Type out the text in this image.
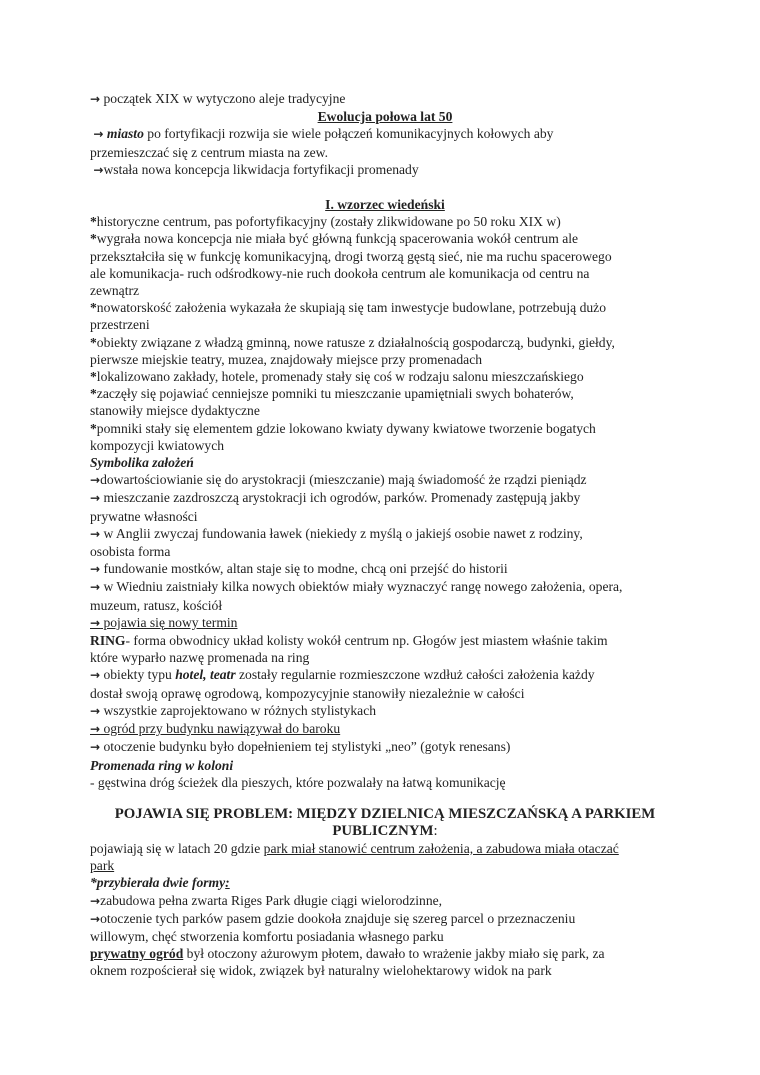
→ początek XIX w wytyczono aleje tradycyjne
Ewolucja połowa lat 50
→ miasto po fortyfikacji rozwija sie wiele połączeń komunikacyjnych kołowych aby
przemieszczać się z centrum miasta na zew.
→wstała nowa koncepcja likwidacja fortyfikacji promenady
I. wzorzec wiedeński
*historyczne centrum, pas pofortyfikacyjny (zostały zlikwidowane po 50 roku XIX w)
*wygrała nowa koncepcja nie miała być główną funkcją spacerowania wokół centrum ale
przekształciła się w funkcję komunikacyjną, drogi tworzą gęstą sieć, nie ma ruchu spacerowego
ale komunikacja- ruch odśrodkowy-nie ruch dookoła centrum ale komunikacja od centru na
zewnątrz
*nowatorskość założenia wykazała że skupiają się tam inwestycje budowlane, potrzebują dużo
przestrzeni
*obiekty związane z władzą gminną, nowe ratusze z działalnością gospodarczą, budynki, giełdy,
pierwsze miejskie teatry, muzea, znajdowały miejsce przy promenadach
*lokalizowano zakłady, hotele, promenady stały się coś w rodzaju salonu mieszczańskiego
*zaczęły się pojawiać cenniejsze pomniki tu mieszczanie upamiętniali swych bohaterów,
stanowiły miejsce dydaktyczne
*pomniki stały się elementem gdzie lokowano kwiaty dywany kwiatowe tworzenie bogatych
kompozycji kwiatowych
Symbolika założeń
→dowartościowianie się do arystokracji (mieszczanie) mają świadomość że rządzi pieniądz
→ mieszczanie zazdroszczą arystokracji ich ogrodów, parków. Promenady zastępują jakby
prywatne własności
→ w Anglii zwyczaj fundowania ławek (niekiedy z myślą o jakiejś osobie nawet z rodziny,
osobista forma
→ fundowanie mostków, altan staje się to modne, chcą oni przejść do historii
→ w Wiedniu zaistniały kilka nowych obiektów miały wyznaczyć rangę nowego założenia, opera,
muzeum, ratusz, kościół
→ pojawia się nowy termin
RING- forma obwodnicy układ kolisty wokół centrum np. Głogów jest miastem właśnie takim
które wyparło nazwę promenada na ring
→ obiekty typu hotel, teatr zostały regularnie rozmieszczone wzdłuż całości założenia każdy
dostał swoją oprawę ogrodową, kompozycyjnie stanowiły niezależnie w całości
→ wszystkie zaprojektowano w różnych stylistykach
→ ogród przy budynku nawiązywał do baroku
→ otoczenie budynku było dopełnieniem tej stylistyki „neo” (gotyk renesans)
Promenada ring w koloni
- gęstwina dróg ścieżek dla pieszych, które pozwalały na łatwą komunikację
POJAWIA SIĘ PROBLEM: MIĘDZY DZIELNICĄ MIESZCZAŃSKĄ A PARKIEM
PUBLICZNYM:
pojawiają się w latach 20 gdzie park miał stanowić centrum założenia, a zabudowa miała otaczać
park
*przybierała dwie formy:
→zabudowa pełna zwarta Riges Park długie ciągi wielorodzinne,
→otoczenie tych parków pasem gdzie dookoła znajduje się szereg parcel o przeznaczeniu
willowym, chęć stworzenia komfortu posiadania własnego parku
prywatny ogród był otoczony ażurowym płotem, dawało to wrażenie jakby miało się park, za
oknem rozpościerał się widok, związek był naturalny wielohektarowy widok na park
